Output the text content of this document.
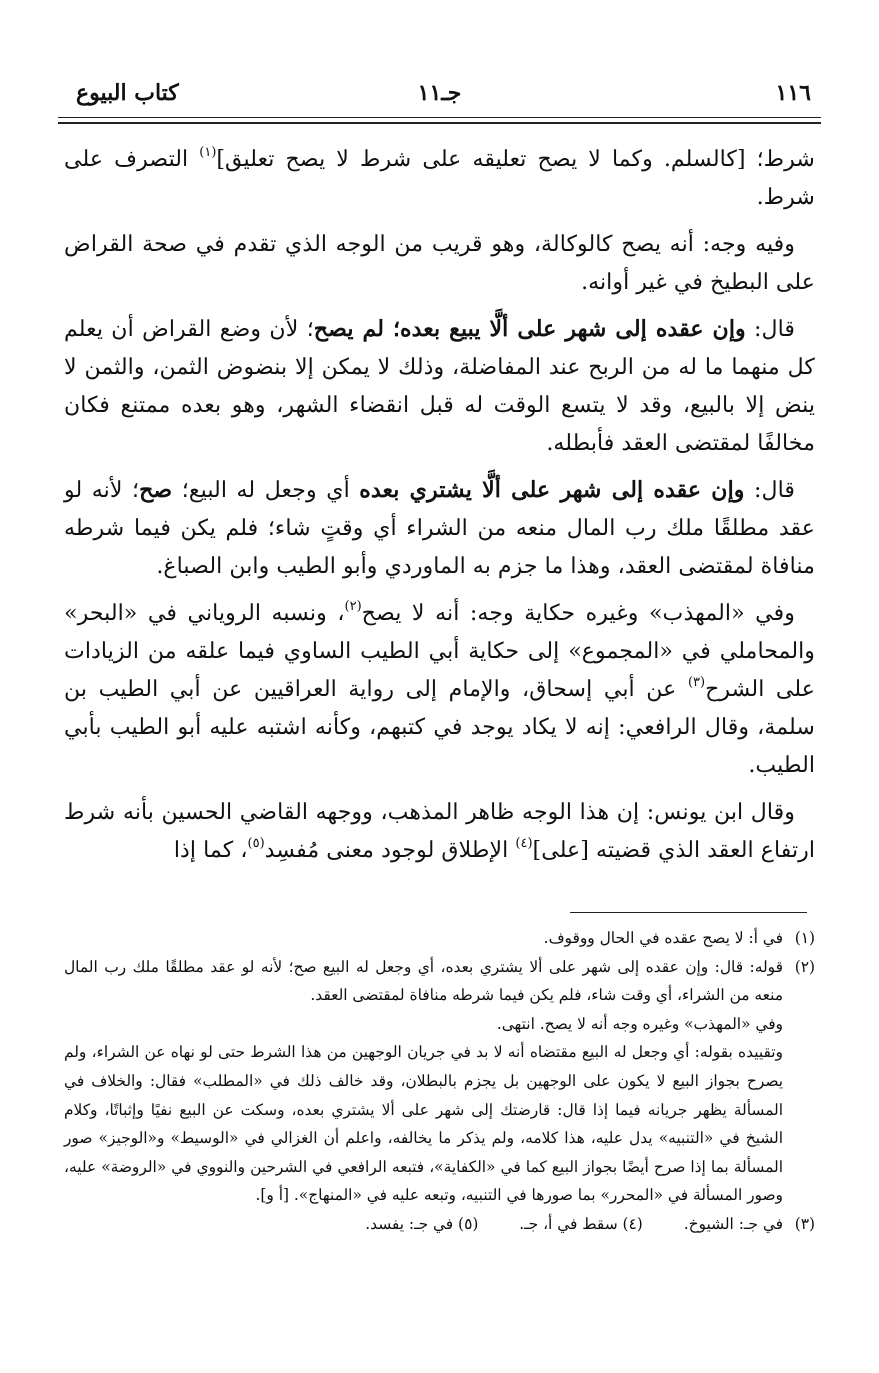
١١٦
جـ١١
كتاب البيوع

شرط؛ [كالسلم. وكما لا يصح تعليقه على شرط لا يصح تعليق]$^{(١)}$ التصرف على شرط.

وفيه وجه: أنه يصح كالوكالة، وهو قريب من الوجه الذي تقدم في صحة القراض على البطيخ في غير أوانه.

قال: وإن عقده إلى شهر على ألَّا يبيع بعده؛ لم يصح؛ لأن وضع القراض أن يعلم كل منهما ما له من الربح عند المفاضلة، وذلك لا يمكن إلا بنضوض الثمن، والثمن لا ينض إلا بالبيع، وقد لا يتسع الوقت له قبل انقضاء الشهر، وهو بعده ممتنع فكان مخالفًا لمقتضى العقد فأبطله.

قال: وإن عقده إلى شهر على ألَّا يشتري بعده أي وجعل له البيع؛ صح؛ لأنه لو عقد مطلقًا ملك رب المال منعه من الشراء أي وقتٍ شاء؛ فلم يكن فيما شرطه منافاة لمقتضى العقد، وهذا ما جزم به الماوردي وأبو الطيب وابن الصباغ.

وفي «المهذب» وغيره حكاية وجه: أنه لا يصح$^{(٢)}$، ونسبه الروياني في «البحر» والمحاملي في «المجموع» إلى حكاية أبي الطيب الساوي فيما علقه من الزيادات على الشرح$^{(٣)}$ عن أبي إسحاق، والإمام إلى رواية العراقيين عن أبي الطيب بن سلمة، وقال الرافعي: إنه لا يكاد يوجد في كتبهم، وكأنه اشتبه عليه أبو الطيب بأبي الطيب.

وقال ابن يونس: إن هذا الوجه ظاهر المذهب، ووجهه القاضي الحسين بأنه شرط ارتفاع العقد الذي قضيته [على]$^{(٤)}$ الإطلاق لوجود معنى مُفسِد$^{(٥)}$، كما إذا

(١)
في أ: لا يصح عقده في الحال ووقوف.
(٢)
قوله: قال: وإن عقده إلى شهر على ألا يشتري بعده، أي وجعل له البيع صح؛ لأنه لو عقد مطلقًا ملك رب المال منعه من الشراء، أي وقت شاء، فلم يكن فيما شرطه منافاة لمقتضى العقد.
وفي «المهذب» وغيره وجه أنه لا يصح. انتهى.
وتقييده بقوله: أي وجعل له البيع مقتضاه أنه لا بد في جريان الوجهين من هذا الشرط حتى لو نهاه عن الشراء، ولم يصرح بجواز البيع لا يكون على الوجهين بل يجزم بالبطلان، وقد خالف ذلك في «المطلب» فقال: والخلاف في المسألة يظهر جريانه فيما إذا قال: قارضتك إلى شهر على ألا يشتري بعده، وسكت عن البيع نفيًا وإثباتًا، وكلام الشيخ في «التنبيه» يدل عليه، هذا كلامه، ولم يذكر ما يخالفه، واعلم أن الغزالي في «الوسيط» و«الوجيز» صور المسألة بما إذا صرح أيضًا بجواز البيع كما في «الكفاية»، فتبعه الرافعي في الشرحين والنووي في «الروضة» عليه، وصور المسألة في «المحرر» بما صورها في التنبيه، وتبعه عليه في «المنهاج». [أ و].
(٣)
في جـ: الشيوخ. (٤) سقط في أ، جـ. (٥) في جـ: يفسد.
